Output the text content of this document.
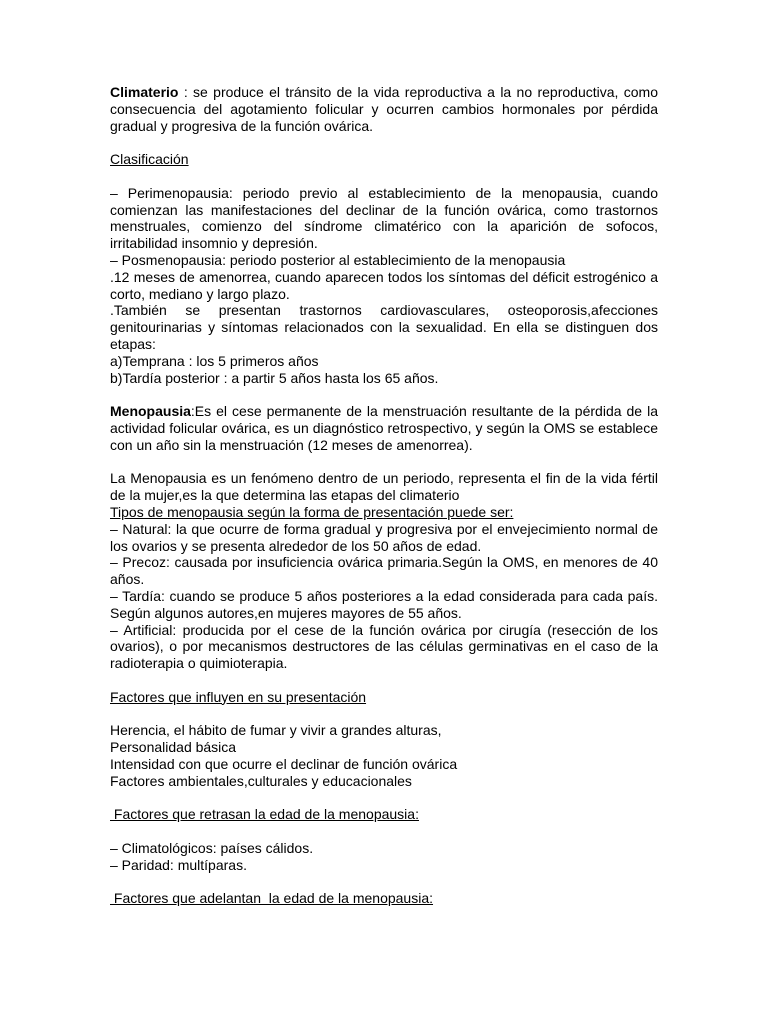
Climaterio : se produce el tránsito de la vida reproductiva a la no reproductiva, como consecuencia del agotamiento folicular y ocurren cambios hormonales por pérdida gradual y progresiva de la función ovárica.

Clasificación

– Perimenopausia: periodo previo al establecimiento de la menopausia, cuando comienzan las manifestaciones del declinar de la función ovárica, como trastornos menstruales, comienzo del síndrome climatérico con la aparición de sofocos, irritabilidad insomnio y depresión.

– Posmenopausia: periodo posterior al establecimiento de la menopausia

.12 meses de amenorrea, cuando aparecen todos los síntomas del déficit estrogénico a corto, mediano y largo plazo.

.También se presentan trastornos cardiovasculares, osteoporosis,afecciones genitourinarias y síntomas relacionados con la sexualidad. En ella se distinguen dos etapas:

a)Temprana : los 5 primeros años

b)Tardía posterior : a partir 5 años hasta los 65 años.

Menopausia:Es el cese permanente de la menstruación resultante de la pérdida de la actividad folicular ovárica, es un diagnóstico retrospectivo, y según la OMS se establece con un año sin la menstruación (12 meses de amenorrea).

La Menopausia es un fenómeno dentro de un periodo, representa el fin de la vida fértil de la mujer,es la que determina las etapas del climaterio

Tipos de menopausia según la forma de presentación puede ser:

– Natural: la que ocurre de forma gradual y progresiva por el envejecimiento normal de los ovarios y se presenta alrededor de los 50 años de edad.

– Precoz: causada por insuficiencia ovárica primaria.Según la OMS, en menores de 40 años.

– Tardía: cuando se produce 5 años posteriores a la edad considerada para cada país. Según algunos autores,en mujeres mayores de 55 años.

– Artificial: producida por el cese de la función ovárica por cirugía (resección de los ovarios), o por mecanismos destructores de las células germinativas en el caso de la radioterapia o quimioterapia.

Factores que influyen en su presentación

Herencia, el hábito de fumar y vivir a grandes alturas,

Personalidad básica

Intensidad con que ocurre el declinar de función ovárica

Factores ambientales,culturales y educacionales

Factores que retrasan la edad de la menopausia:

– Climatológicos: países cálidos.

– Paridad: multíparas.

Factores que adelantan  la edad de la menopausia:
